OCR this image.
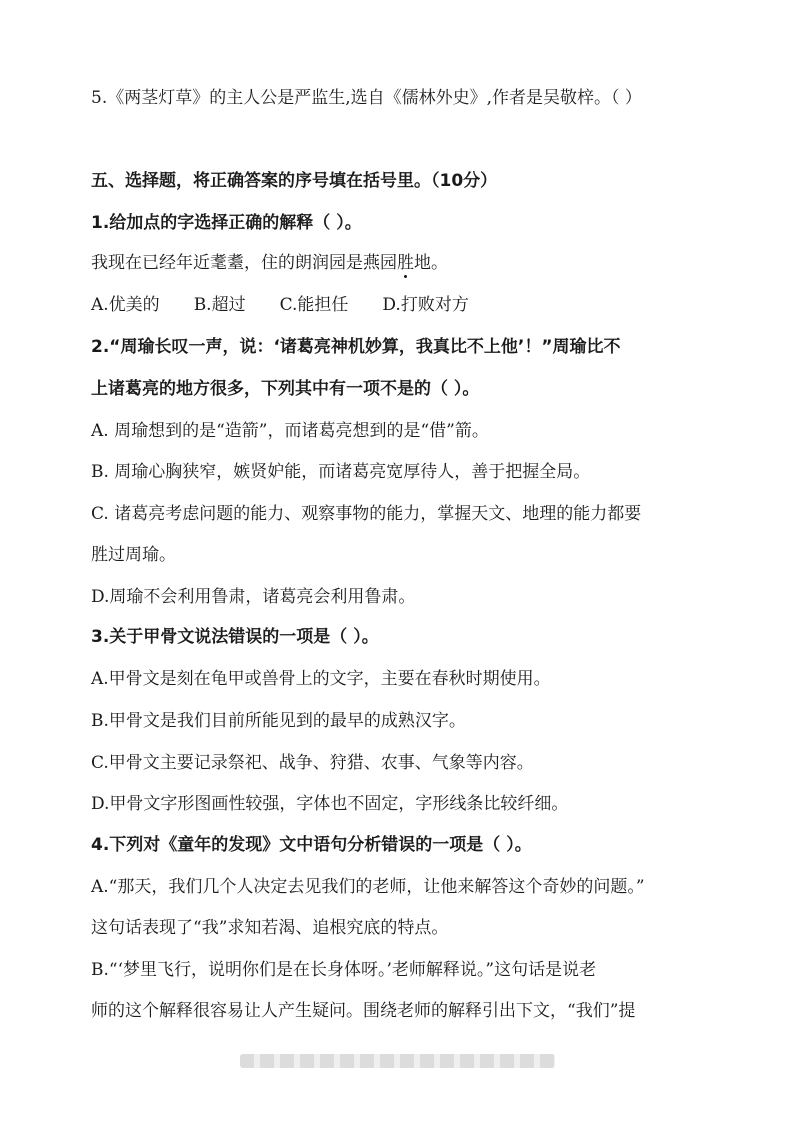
5.《两茎灯草》的主人公是严监生,选自《儒林外史》,作者是吴敬梓。（ ）
五、选择题，将正确答案的序号填在括号里。（10分）
1.给加点的字选择正确的解释（ ）。
我现在已经年近耄耋，住的朗润园是燕园胜地。
A.优美的 B.超过 C.能担任 D.打败对方
2.“周瑜长叹一声，说：‘诸葛亮神机妙算，我真比不上他’！”周瑜比不
上诸葛亮的地方很多，下列其中有一项不是的（ ）。
A. 周瑜想到的是“造箭”，而诸葛亮想到的是“借”箭。
B. 周瑜心胸狭窄，嫉贤妒能，而诸葛亮宽厚待人，善于把握全局。
C. 诸葛亮考虑问题的能力、观察事物的能力，掌握天文、地理的能力都要
胜过周瑜。
D.周瑜不会利用鲁肃，诸葛亮会利用鲁肃。
3.关于甲骨文说法错误的一项是（ ）。
A.甲骨文是刻在龟甲或兽骨上的文字，主要在春秋时期使用。
B.甲骨文是我们目前所能见到的最早的成熟汉字。
C.甲骨文主要记录祭祀、战争、狩猎、农事、气象等内容。
D.甲骨文字形图画性较强，字体也不固定，字形线条比较纤细。
4.下列对《童年的发现》文中语句分析错误的一项是（ ）。
A.“那天，我们几个人决定去见我们的老师，让他来解答这个奇妙的问题。”
这句话表现了“我”求知若渴、追根究底的特点。
B.“‘梦里飞行，说明你们是在长身体呀。’老师解释说。”这句话是说老
师的这个解释很容易让人产生疑问。围绕老师的解释引出下文，“我们”提
